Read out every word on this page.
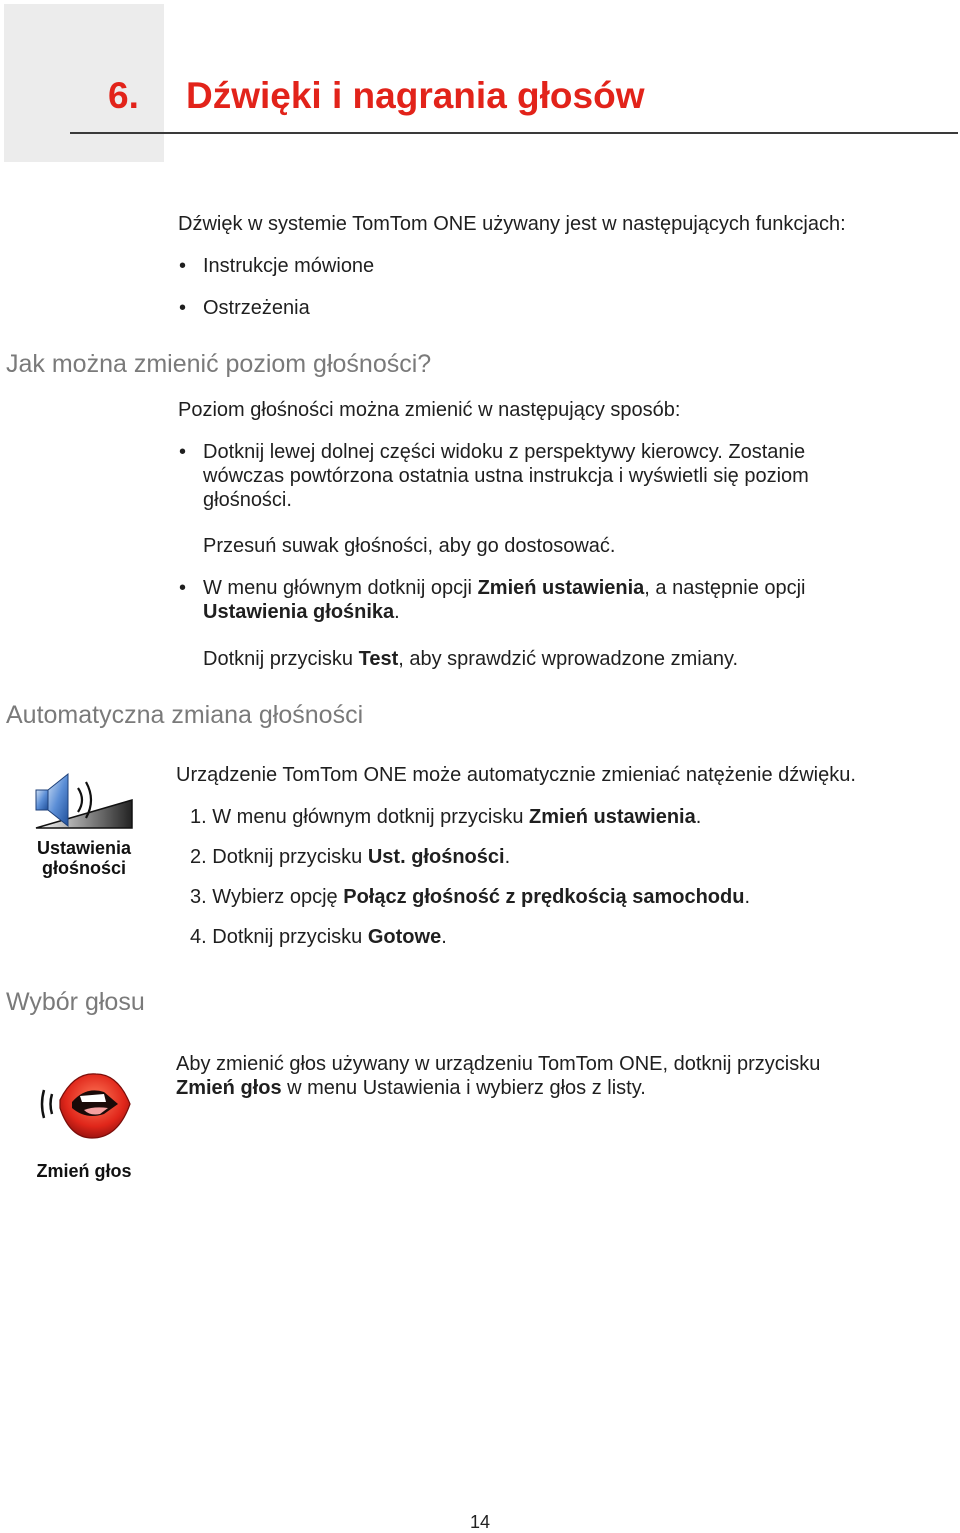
6. Dźwięki i nagrania głosów
Dźwięk w systemie TomTom ONE używany jest w następujących funkcjach:
• Instrukcje mówione
• Ostrzeżenia
Jak można zmienić poziom głośności?
Poziom głośności można zmienić w następujący sposób:
• Dotknij lewej dolnej części widoku z perspektywy kierowcy. Zostanie
wówczas powtórzona ostatnia ustna instrukcja i wyświetli się poziom
głośności.
Przesuń suwak głośności, aby go dostosować.
• W menu głównym dotknij opcji Zmień ustawienia, a następnie opcji
Ustawienia głośnika.
Dotknij przycisku Test, aby sprawdzić wprowadzone zmiany.
Automatyczna zmiana głośności
Ustawienia
głośności
Urządzenie TomTom ONE może automatycznie zmieniać natężenie dźwięku.
1. W menu głównym dotknij przycisku Zmień ustawienia.
2. Dotknij przycisku Ust. głośności.
3. Wybierz opcję Połącz głośność z prędkością samochodu.
4. Dotknij przycisku Gotowe.
Wybór głosu
Zmień głos
Aby zmienić głos używany w urządzeniu TomTom ONE, dotknij przycisku
Zmień głos w menu Ustawienia i wybierz głos z listy.
14
